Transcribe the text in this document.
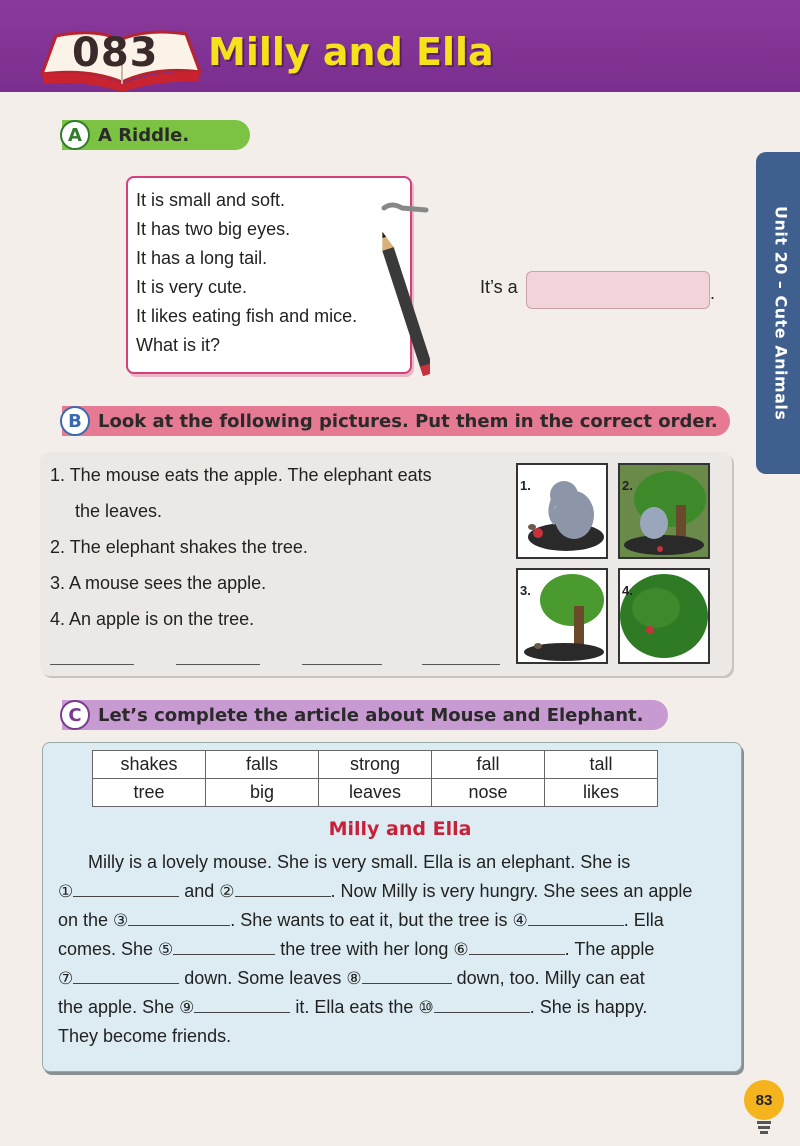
083 Milly and Ella
Unit 20 – Cute Animals
A A Riddle.
It is small and soft.
It has two big eyes.
It has a long tail.
It is very cute.
It likes eating fish and mice.
What is it?
It’s a	.
B Look at the following pictures. Put them in the correct order.
1. The mouse eats the apple. The elephant eats
the leaves.
2. The elephant shakes the tree.
3. A mouse sees the apple.
4. An apple is on the tree.
1.	2.
3.	4.
C Let’s complete the article about Mouse and Elephant.
shakes	falls	strong	fall	tall
tree	big	leaves	nose	likes
Milly and Ella
Milly is a lovely mouse. She is very small. Ella is an elephant. She is
①	and ②	. Now Milly is very hungry. She sees an apple
on the ③	. She wants to eat it, but the tree is ④	. Ella
comes. She ⑤	the tree with her long ⑥	. The apple
⑦	down. Some leaves ⑧	down, too. Milly can eat
the apple. She ⑨	it. Ella eats the ⑩	. She is happy.
They become friends.
83
